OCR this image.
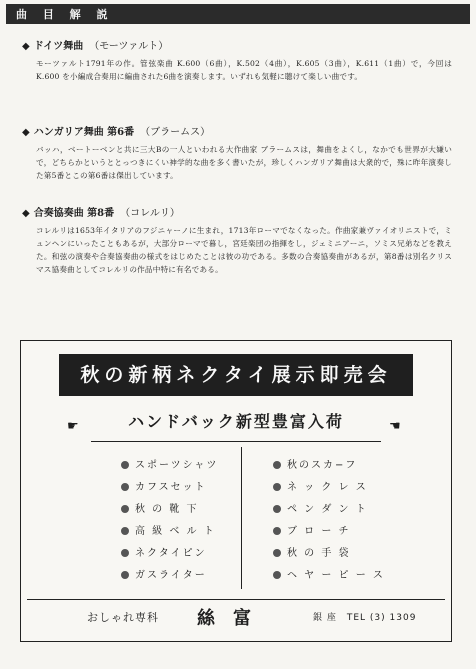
曲 目 解 説
◆ ドイツ舞曲 （モーツァルト）
モーツァルト1791年の作。管弦楽曲 K.600（6曲），K.502（4曲），K.605（3曲），K.611（1曲）で，今回は K.600 を小編成合奏用に編曲された6曲を演奏します。いずれも気軽に聴けて楽しい曲です。
◆ ハンガリア舞曲 第6番 （ブラームス）
バッハ，ベートーベンと共に三大Bの一人といわれる大作曲家 ブラームスは，舞曲をよくし，なかでも世界が大嫌いで，どちらかというととっつきにくい神学的な曲を多く書いたが，珍しくハンガリア舞曲は大衆的で，殊に昨年演奏した第5番とこの第6番は傑出しています。
◆ 合奏協奏曲 第8番 （コレルリ）
コレルリは1653年イタリアのフジニャーノに生まれ，1713年ローマでなくなった。作曲家兼ヴァイオリニストで，ミュンヘンにいったこともあるが，大部分ローマで暮し，宮廷楽団の指揮をし，ジェミニアーニ，ソミス兄弟などを教えた。和弦の演奏や合奏協奏曲の様式をはじめたことは彼の功である。多数の合奏協奏曲があるが，第8番は別名クリスマス協奏曲としてコレルリの作品中特に有名である。
秋の新柄ネクタイ展示即売会
☛	ハンドバック新型豊富入荷	☚
スポーツシャツ
カフスセット
秋 の 靴 下
高 級 ベ ル ト
ネクタイピン
ガスライター
秋のスカ−フ
ネ ッ ク レ ス
ペ ン ダ ン ト
ブ ロ ー チ
秋 の 手 袋
ヘ ヤ ー ピ ー ス
おしゃれ専科 絲富	銀 座　TEL (3) 1309
